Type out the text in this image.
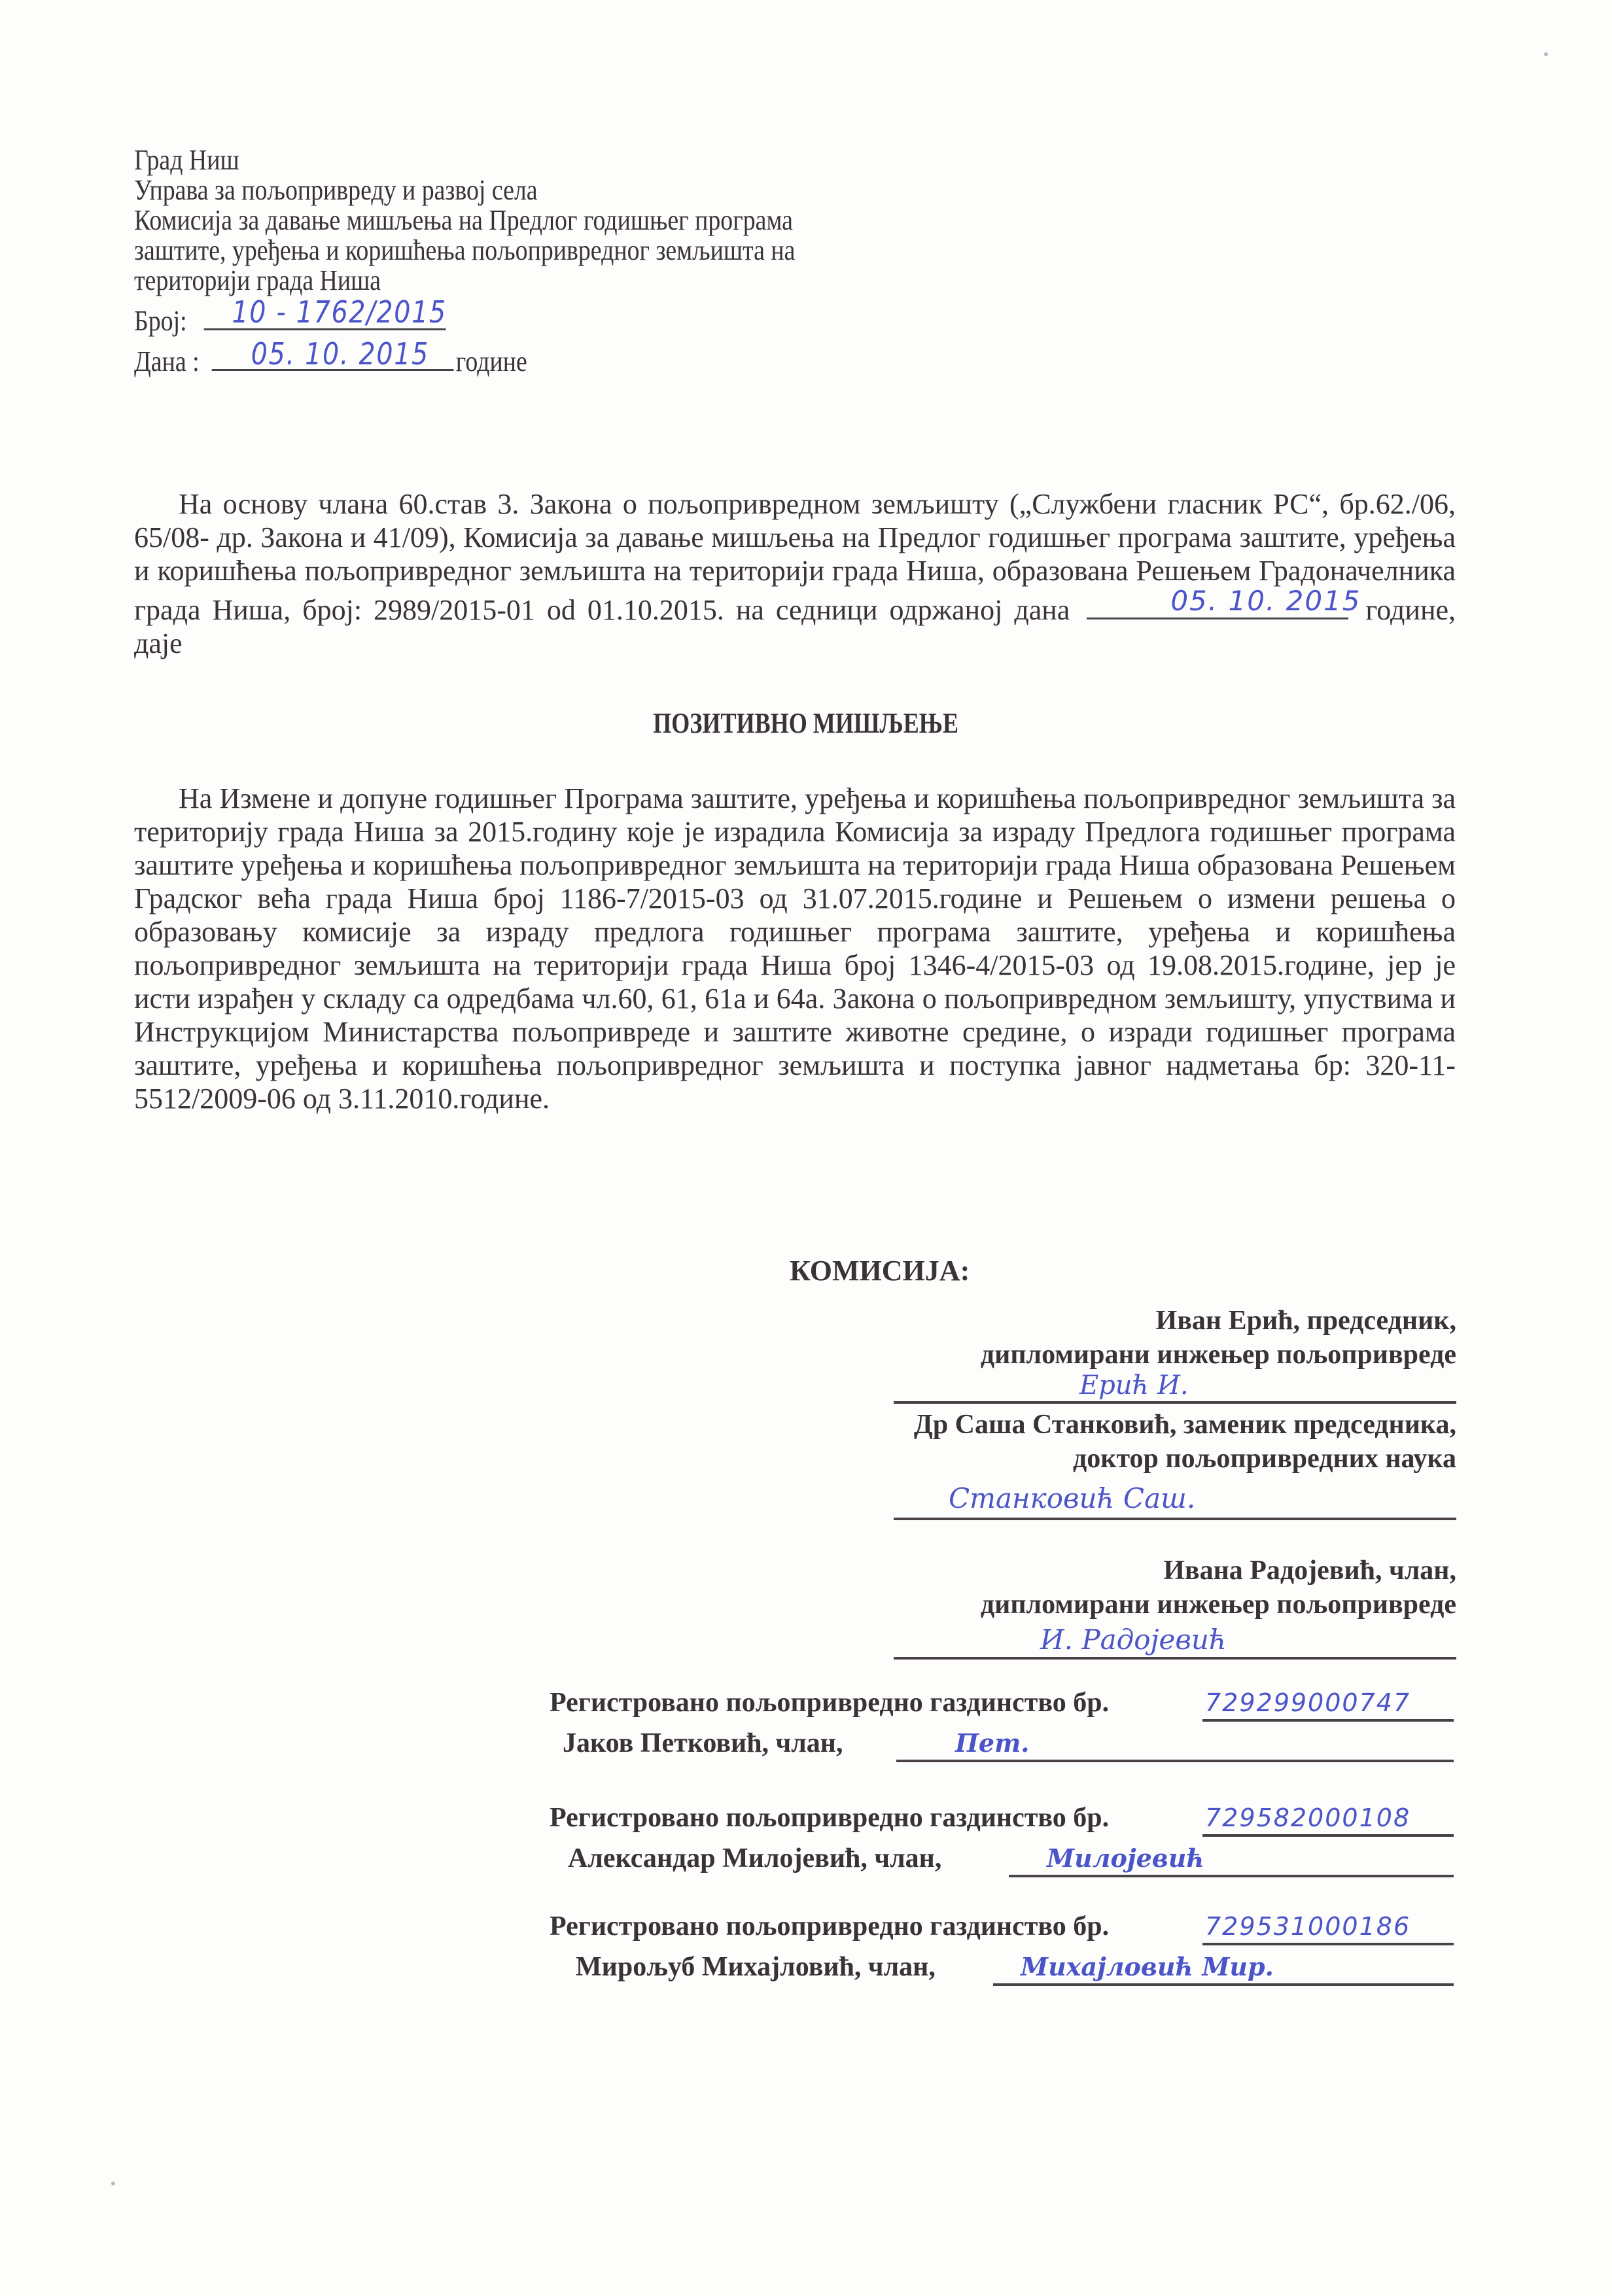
Град Ниш
Управа за пољопривреду и развој села
Комисија за давање мишљења на Предлог годишњег програма
заштите, уређења и коришћења пољопривредног земљишта на
територији града Ниша
Број: 10 - 1762/2015
Дана : 05. 10. 2015 године
На основу члана 60.став 3. Закона о пољопривредном земљишту („Службени гласник РС“, бр.62./06, 65/08- др. Закона и 41/09), Комисија за давање мишљења на Предлог годишњег програма заштите, уређења и коришћења пољопривредног земљишта на територији града Ниша, образована Решењем Градоначелника града Ниша, број: 2989/2015-01 od 01.10.2015. на седници одржаној дана	05. 10. 2015 године, даје
ПОЗИТИВНО МИШЉЕЊЕ
На Измене и допуне годишњег Програма заштите, уређења и коришћења пољопривредног земљишта за територију града Ниша за 2015.годину које је израдила Комисија за израду Предлога годишњег програма заштите уређења и коришћења пољопривредног земљишта на територији града Ниша образована Решењем Градског већа града Ниша број 1186-7/2015-03 од 31.07.2015.године и Решењем о измени решења о образовању комисије за израду предлога годишњег програма заштите, уређења и коришћења пољопривредног земљишта на територији града Ниша број 1346-4/2015-03 од 19.08.2015.године, јер је исти израђен у складу са одредбама чл.60, 61, 61а и 64а. Закона о пољопривредном земљишту, упуствима и Инструкцијом Министарства пољопривреде и заштите животне средине, о изради годишњег програма заштите, уређења и коришћења пољопривредног земљишта и поступка јавног надметања бр: 320-11-5512/2009-06 од 3.11.2010.године.
КОМИСИЈА:
Иван Ерић, председник,
дипломирани инжењер пољопривреде
Ерић И.
Др Саша Станковић, заменик председника,
доктор пољопривредних наука
Станковић Саш.
Ивана Радојевић, члан,
дипломирани инжењер пољопривреде
И. Радојевић
Регистровано пољопривредно газдинство бр.	729299000747
Јаков Петковић, члан,	Пет.
Регистровано пољопривредно газдинство бр.	729582000108
Александар Милојевић, члан,	Милојевић
Регистровано пољопривредно газдинство бр.	729531000186
Мирољуб Михајловић, члан,	Михајловић Мир.
